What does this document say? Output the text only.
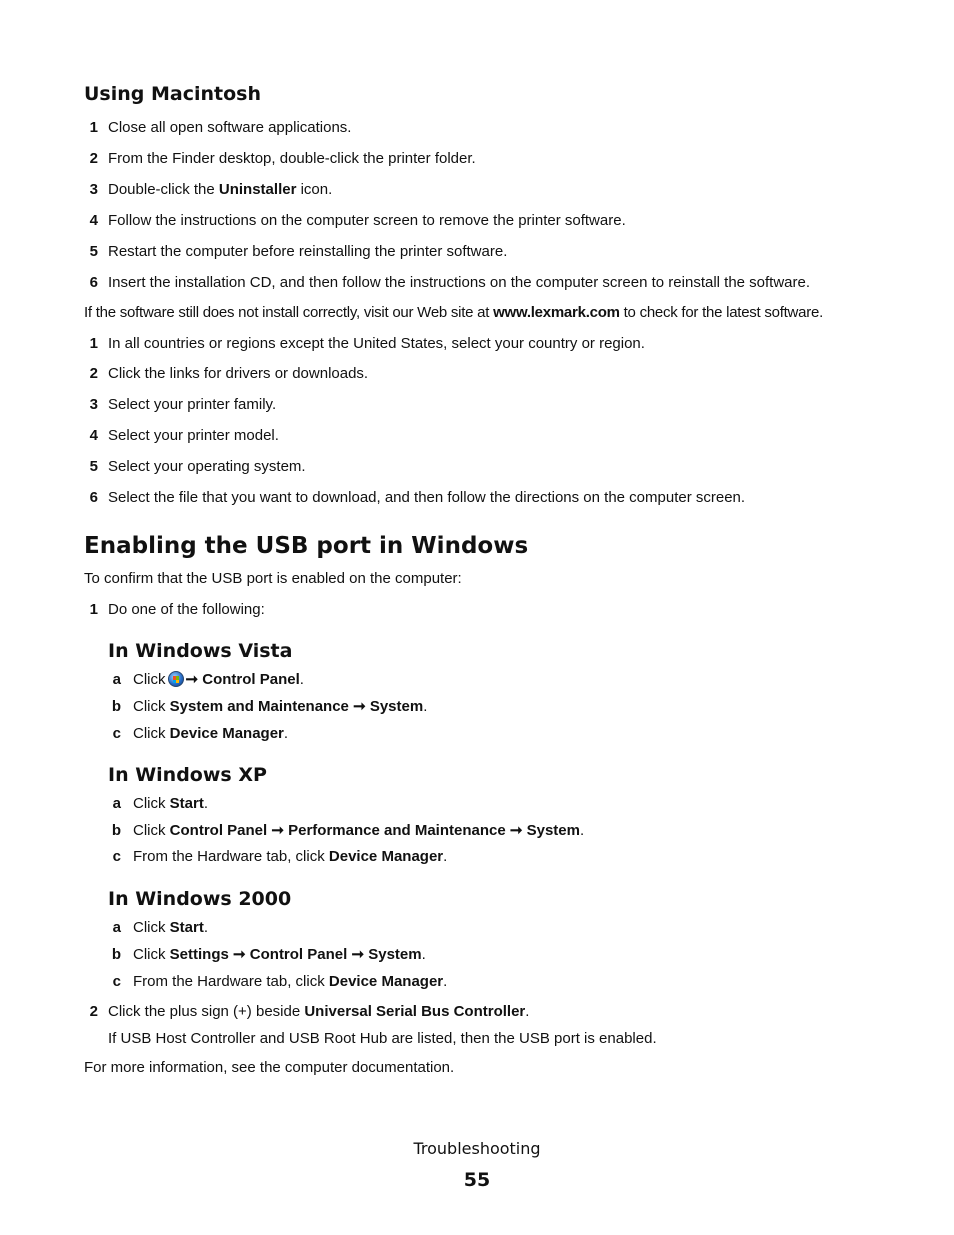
Using Macintosh
1 Close all open software applications.
2 From the Finder desktop, double-click the printer folder.
3 Double-click the Uninstaller icon.
4 Follow the instructions on the computer screen to remove the printer software.
5 Restart the computer before reinstalling the printer software.
6 Insert the installation CD, and then follow the instructions on the computer screen to reinstall the software.
If the software still does not install correctly, visit our Web site at www.lexmark.com to check for the latest software.
1 In all countries or regions except the United States, select your country or region.
2 Click the links for drivers or downloads.
3 Select your printer family.
4 Select your printer model.
5 Select your operating system.
6 Select the file that you want to download, and then follow the directions on the computer screen.
Enabling the USB port in Windows
To confirm that the USB port is enabled on the computer:
1 Do one of the following:
In Windows Vista
a Click ➞ Control Panel.
b Click System and Maintenance ➞ System.
c Click Device Manager.
In Windows XP
a Click Start.
b Click Control Panel ➞ Performance and Maintenance ➞ System.
c From the Hardware tab, click Device Manager.
In Windows 2000
a Click Start.
b Click Settings ➞ Control Panel ➞ System.
c From the Hardware tab, click Device Manager.
2 Click the plus sign (+) beside Universal Serial Bus Controller.
If USB Host Controller and USB Root Hub are listed, then the USB port is enabled.
For more information, see the computer documentation.
Troubleshooting
55
